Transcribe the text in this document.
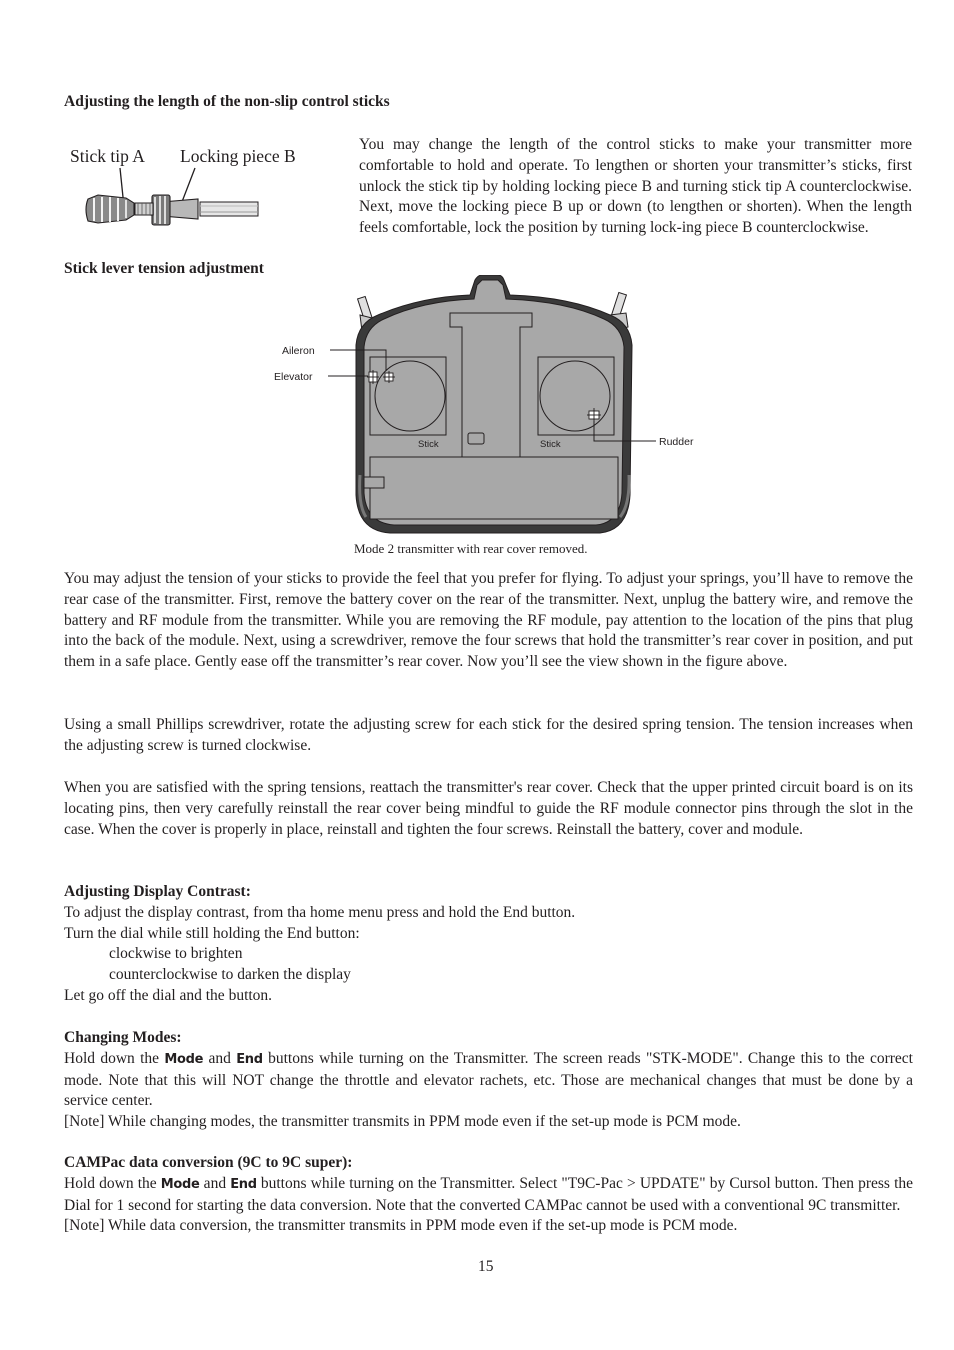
Adjusting the length of the non-slip control sticks
Stick tip A Locking piece B
You may change the length of the control sticks to make your transmitter more comfortable to hold and operate. To lengthen or shorten your transmitter’s sticks, first unlock the stick tip by holding locking piece B and turning stick tip A counterclockwise. Next, move the locking piece B up or down (to lengthen or shorten). When the length feels comfortable, lock the position by turning lock-ing piece B counterclockwise.
Stick lever tension adjustment
Aileron
Elevator
Rudder
Stick	Stick
Mode 2 transmitter with rear cover removed.
You may adjust the tension of your sticks to provide the feel that you prefer for flying. To adjust your springs, you’ll have to remove the rear case of the transmitter. First, remove the battery cover on the rear of the transmitter. Next, unplug the battery wire, and remove the battery and RF module from the transmitter. While you are removing the RF module, pay attention to the location of the pins that plug into the back of the module. Next, using a screwdriver, remove the four screws that hold the transmitter’s rear cover in position, and put them in a safe place. Gently ease off the transmitter’s rear cover. Now you’ll see the view shown in the figure above.
Using a small Phillips screwdriver, rotate the adjusting screw for each stick for the desired spring tension. The tension increases when the adjusting screw is turned clockwise.
When you are satisfied with the spring tensions, reattach the transmitter's rear cover. Check that the upper printed circuit board is on its locating pins, then very carefully reinstall the rear cover being mindful to guide the RF module connector pins through the slot in the case. When the cover is properly in place, reinstall and tighten the four screws. Reinstall the battery, cover and module.
Adjusting Display Contrast:
To adjust the display contrast, from tha home menu press and hold the End button.
Turn the dial while still holding the End button:
clockwise to brighten
counterclockwise to darken the display
Let go off the dial and the button.
Changing Modes:

Hold down the Mode and End buttons while turning on the Transmitter. The screen reads "STK-MODE". Change this to the correct mode. Note that this will NOT change the throttle and elevator rachets, etc. Those are mechanical changes that must be done by a service center.

[Note] While changing modes, the transmitter transmits in PPM mode even if the set-up mode is PCM mode.
CAMPac data conversion (9C to 9C super):

Hold down the Mode and End buttons while turning on the Transmitter. Select "T9C-Pac > UPDATE" by Cursol button. Then press the Dial for 1 second for starting the data conversion. Note that the converted CAMPac cannot be used with a conventional 9C transmitter.

[Note] While data conversion, the transmitter transmits in PPM mode even if the set-up mode is PCM mode.
15
